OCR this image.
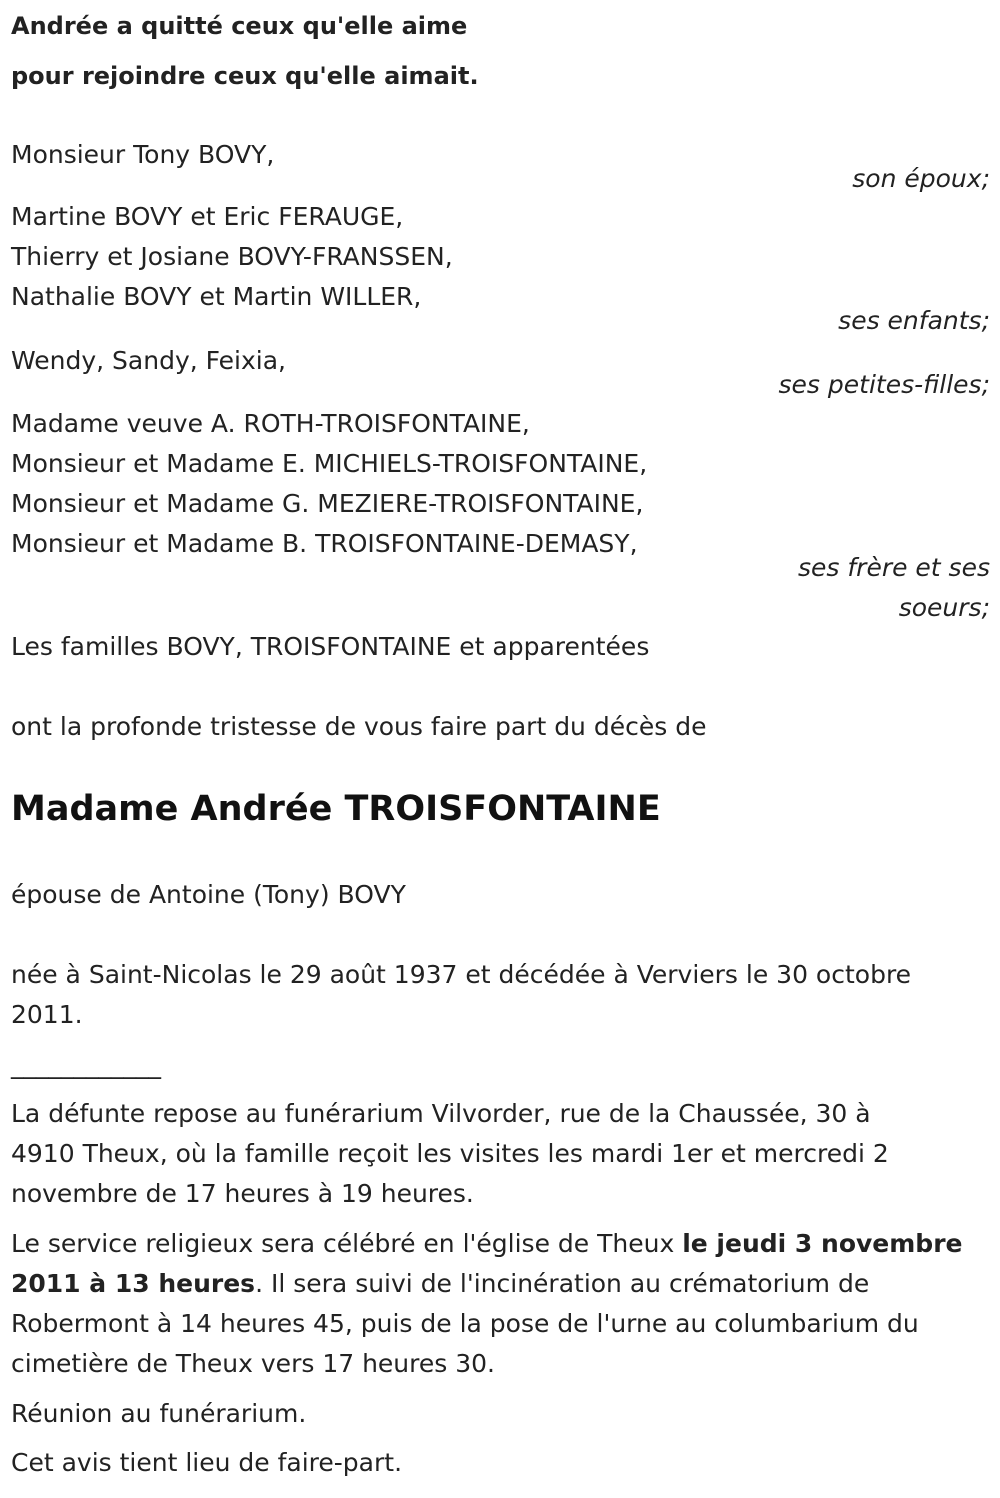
Andrée a quitté ceux qu'elle aime
pour rejoindre ceux qu'elle aimait.
Monsieur Tony BOVY,
son époux;
Martine BOVY et Eric FERAUGE,
Thierry et Josiane BOVY-FRANSSEN,
Nathalie BOVY et Martin WILLER,
ses enfants;
Wendy, Sandy, Feixia,
ses petites-filles;
Madame veuve A. ROTH-TROISFONTAINE,
Monsieur et Madame E. MICHIELS-TROISFONTAINE,
Monsieur et Madame G. MEZIERE-TROISFONTAINE,
Monsieur et Madame B. TROISFONTAINE-DEMASY,
ses frère et ses
soeurs;
Les familles BOVY, TROISFONTAINE et apparentées
ont la profonde tristesse de vous faire part du décès de
Madame Andrée TROISFONTAINE
épouse de Antoine (Tony) BOVY
née à Saint-Nicolas le 29 août 1937 et décédée à Verviers le 30 octobre
2011.
____________
La défunte repose au funérarium Vilvorder, rue de la Chaussée, 30 à
4910 Theux, où la famille reçoit les visites les mardi 1er et mercredi 2
novembre de 17 heures à 19 heures.
Le service religieux sera célébré en l'église de Theux le jeudi 3 novembre
2011 à 13 heures. Il sera suivi de l'incinération au crématorium de
Robermont à 14 heures 45, puis de la pose de l'urne au columbarium du
cimetière de Theux vers 17 heures 30.
Réunion au funérarium.
Cet avis tient lieu de faire-part.
